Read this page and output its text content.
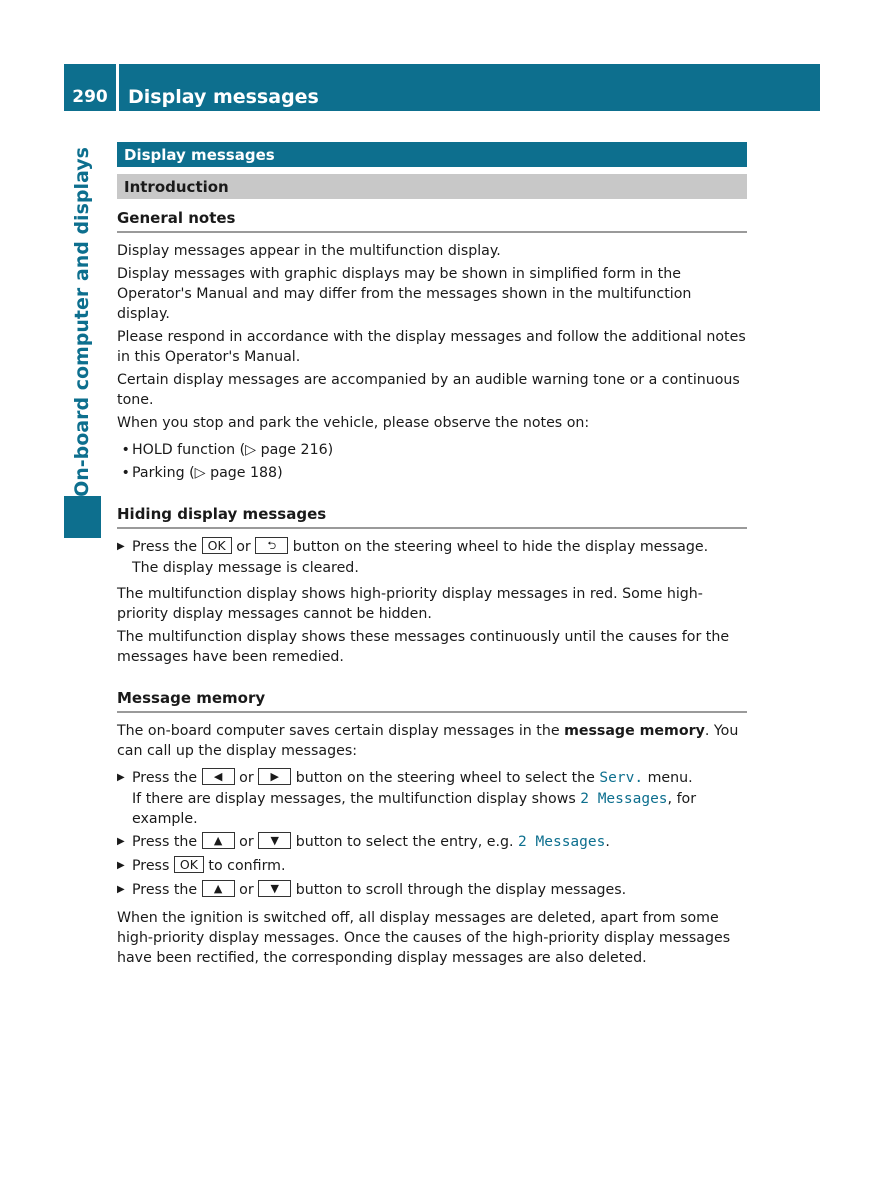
290	Display messages
On-board computer and displays	Display messages
Introduction
General notes

Display messages appear in the multifunction display.

Display messages with graphic displays may be shown in simplified form in the Operator's Manual and may differ from the messages shown in the multifunction display.

Please respond in accordance with the display messages and follow the additional notes in this Operator's Manual.

Certain display messages are accompanied by an audible warning tone or a continuous tone.

When you stop and park the vehicle, please observe the notes on:

• HOLD function (▷ page 216)
• Parking (▷ page 188)
Hiding display messages
▶ Press the OK or ⮌ button on the steering wheel to hide the display message.

The display message is cleared.

The multifunction display shows high-priority display messages in red. Some high-priority display messages cannot be hidden.

The multifunction display shows these messages continuously until the causes for the messages have been remedied.

Message memory

The on-board computer saves certain display messages in the message memory. You can call up the display messages:

▶ Press the ◀ or ▶ button on the steering wheel to select the Serv. menu.

If there are display messages, the multifunction display shows 2 Messages, for example.

▶ Press the ▲ or ▼ button to select the entry, e.g. 2 Messages.
▶ Press OK to confirm.
▶ Press the ▲ or ▼ button to scroll through the display messages.

When the ignition is switched off, all display messages are deleted, apart from some high-priority display messages. Once the causes of the high-priority display messages have been rectified, the corresponding display messages are also deleted.
